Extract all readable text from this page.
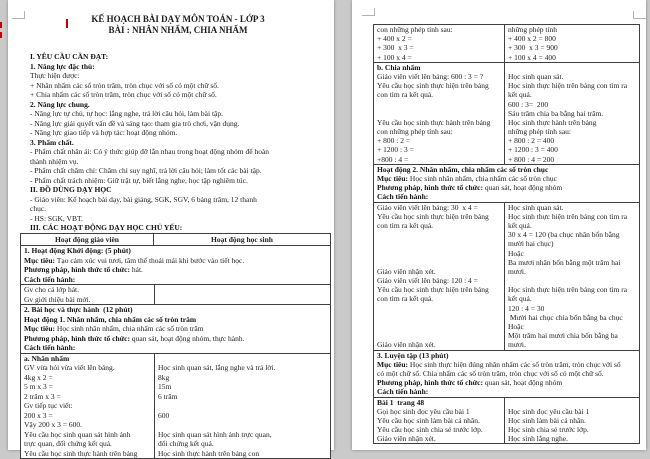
KẾ HOẠCH BÀI DẠY MÔN TOÁN - LỚP 3
BÀI : NHÂN NHẨM, CHIA NHẨM
I. YÊU CẦU CẦN ĐẠT:
1. Năng lực đặc thù:
Thực hiện được:
+ Nhân nhẩm các số tròn trăm, tròn chục với số có một chữ số.
+ Chia nhẩm các số tròn trăm, tròn chục với số có một chữ số.
2. Năng lực chung.
- Năng lực tự chủ, tự học: lắng nghe, trả lời câu hỏi, làm bài tập.
- Năng lực giải quyết vấn đề và sáng tạo: tham gia trò chơi, vận dụng.
- Năng lực giao tiếp và hợp tác: hoạt động nhóm.
3. Phẩm chất.
- Phẩm chất nhân ái: Có ý thức giúp đỡ lẫn nhau trong hoạt động nhóm để hoàn
thành nhiệm vụ.
- Phẩm chất chăm chỉ: Chăm chỉ suy nghĩ, trả lời câu hỏi; làm tốt các bài tập.
- Phẩm chất trách nhiệm: Giữ trật tự, biết lắng nghe, học tập nghiêm túc.
II. ĐỒ DÙNG DẠY HỌC
- Giáo viên: Kế hoạch bài dạy, bài giảng, SGK, SGV, 6 bảng trăm, 12 thanh
chục.
- HS: SGK, VBT.
III. CÁC HOẠT ĐỘNG DẠY HỌC CHỦ YẾU:
Hoạt động giáo viên	Hoạt động học sinh
1. Hoạt động Khởi động: (5 phút)
Mục tiêu: Tạo cảm xúc vui tươi, tâm thế thoải mái khi bước vào tiết học.
Phương pháp, hình thức tổ chức: hát.
Cách tiến hành:
Gv cho cả lớp hát.
Gv giới thiệu bài mới.

2. Bài học và thực hành  (12 phút)
Hoạt động 1. Nhân nhẩm, chia nhẩm các số tròn trăm
Mục tiêu: Học sinh nhân nhẩm, chia nhẩm các số tròn trăm
Phương pháp, hình thức tổ chức: quan sát, hoạt động nhóm, thực hành.
Cách tiến hành:
a. Nhân nhẩm
GV vừa hỏi vừa viết lên bảng.
4kg x 2 =
5 m x 3 =
2 trăm x 3 =
Gv tiếp tục viết:
200 x 3 =
Vậy 200 x 3 = 600.
Yêu cầu học sinh quan sát hình ảnh
trực quan, đối chứng kết quả.
Yêu cầu học sinh thực hành trên bảng

Học sinh quan sát, lắng nghe và trả lời.
8kg
15m
6 trăm

600

Học sinh quan sát hình ảnh trực quan,
đối chứng kết quả.
Học sinh thực hành trên bảng con
con những phép tính sau:
+ 400 x 2 =
+ 300  x 3 =
+ 100 x 4 =
những phép tính
+ 400 x 2 = 800
+ 300  x 3 = 900
+ 100 x 4 = 400
b. Chia nhẩm
Giáo viên viết lên bảng: 600 : 3 = ?
Yêu cầu học sinh thực hiện trên bảng
con tìm ra kết quả.

Yêu cầu học sinh thực hành trên bảng
con những phép tính sau:
+ 800 : 2 =
+ 1200 : 3 =
+800 : 4 =

Học sinh quan sát.
Học sinh thực hiện trên bảng con tìm ra
kết quả.
600 : 3=  200
Sáu trăm chia ba bằng hai trăm.
Học sinh thực hành trên bảng
những phép tính sau:
+ 800 : 2 = 400
+ 1200 : 3 = 400
+ 800 : 4 = 200
Hoạt động 2. Nhân nhẩm, chia nhẩm các số tròn chục
Mục tiêu: Học sinh nhân nhẩm, chia nhẩm các số tròn chục
Phương pháp, hình thức tổ chức: quan sát, hoạt động nhóm
Cách tiến hành:
Giáo viên viết lên bảng: 30  x 4 =
Yêu cầu học sinh thực hiện trên bảng
con tìm ra kết quả.

Giáo viên nhận xét.
Giáo viên viết lên bảng: 120 : 4 =
Yêu cầu học sinh thực hiện trên bảng
con tìm ra kết quả.

Giáo viên nhận xét.
Học sinh quan sát.
Học sinh thực hiện trên bảng con tìm ra
kết quả.
30 x 4 = 120 (ba chục nhân bốn bằng
mười hai chục)
Hoặc
Ba mươi nhân bốn bằng một trăm hai
mươi.

Học sinh thực hiện trên bảng con tìm ra
kết quả.
120 : 4 = 30
Mười hai chục chia bốn bằng ba chục
Hoặc
Một trăm hai mươi chia bốn bằng ba
mươi.
3. Luyện tập (13 phút)
Mục tiêu: Học sinh thực hiện đúng nhân nhẩm các số tròn trăm, tròn chục với số
có một chữ số. Chia nhẩm các số tròn trăm, tròn chục với số có một chữ số.
Phương pháp, hình thức tổ chức: quan sát, hoạt động nhóm
Cách tiến hành:
Bài 1  trang 48
Gọi học sinh đọc yêu cầu bài 1
Yêu cầu học sinh làm bài cá nhân.
Yêu cầu học sinh chia sẻ trước lớp.
Giáo viên nhận xét.

Học sinh đọc yêu cầu bài 1
Học sinh làm bài cá nhân.
Học sinh chia sẻ trước lớp.
Học sinh lắng nghe.
